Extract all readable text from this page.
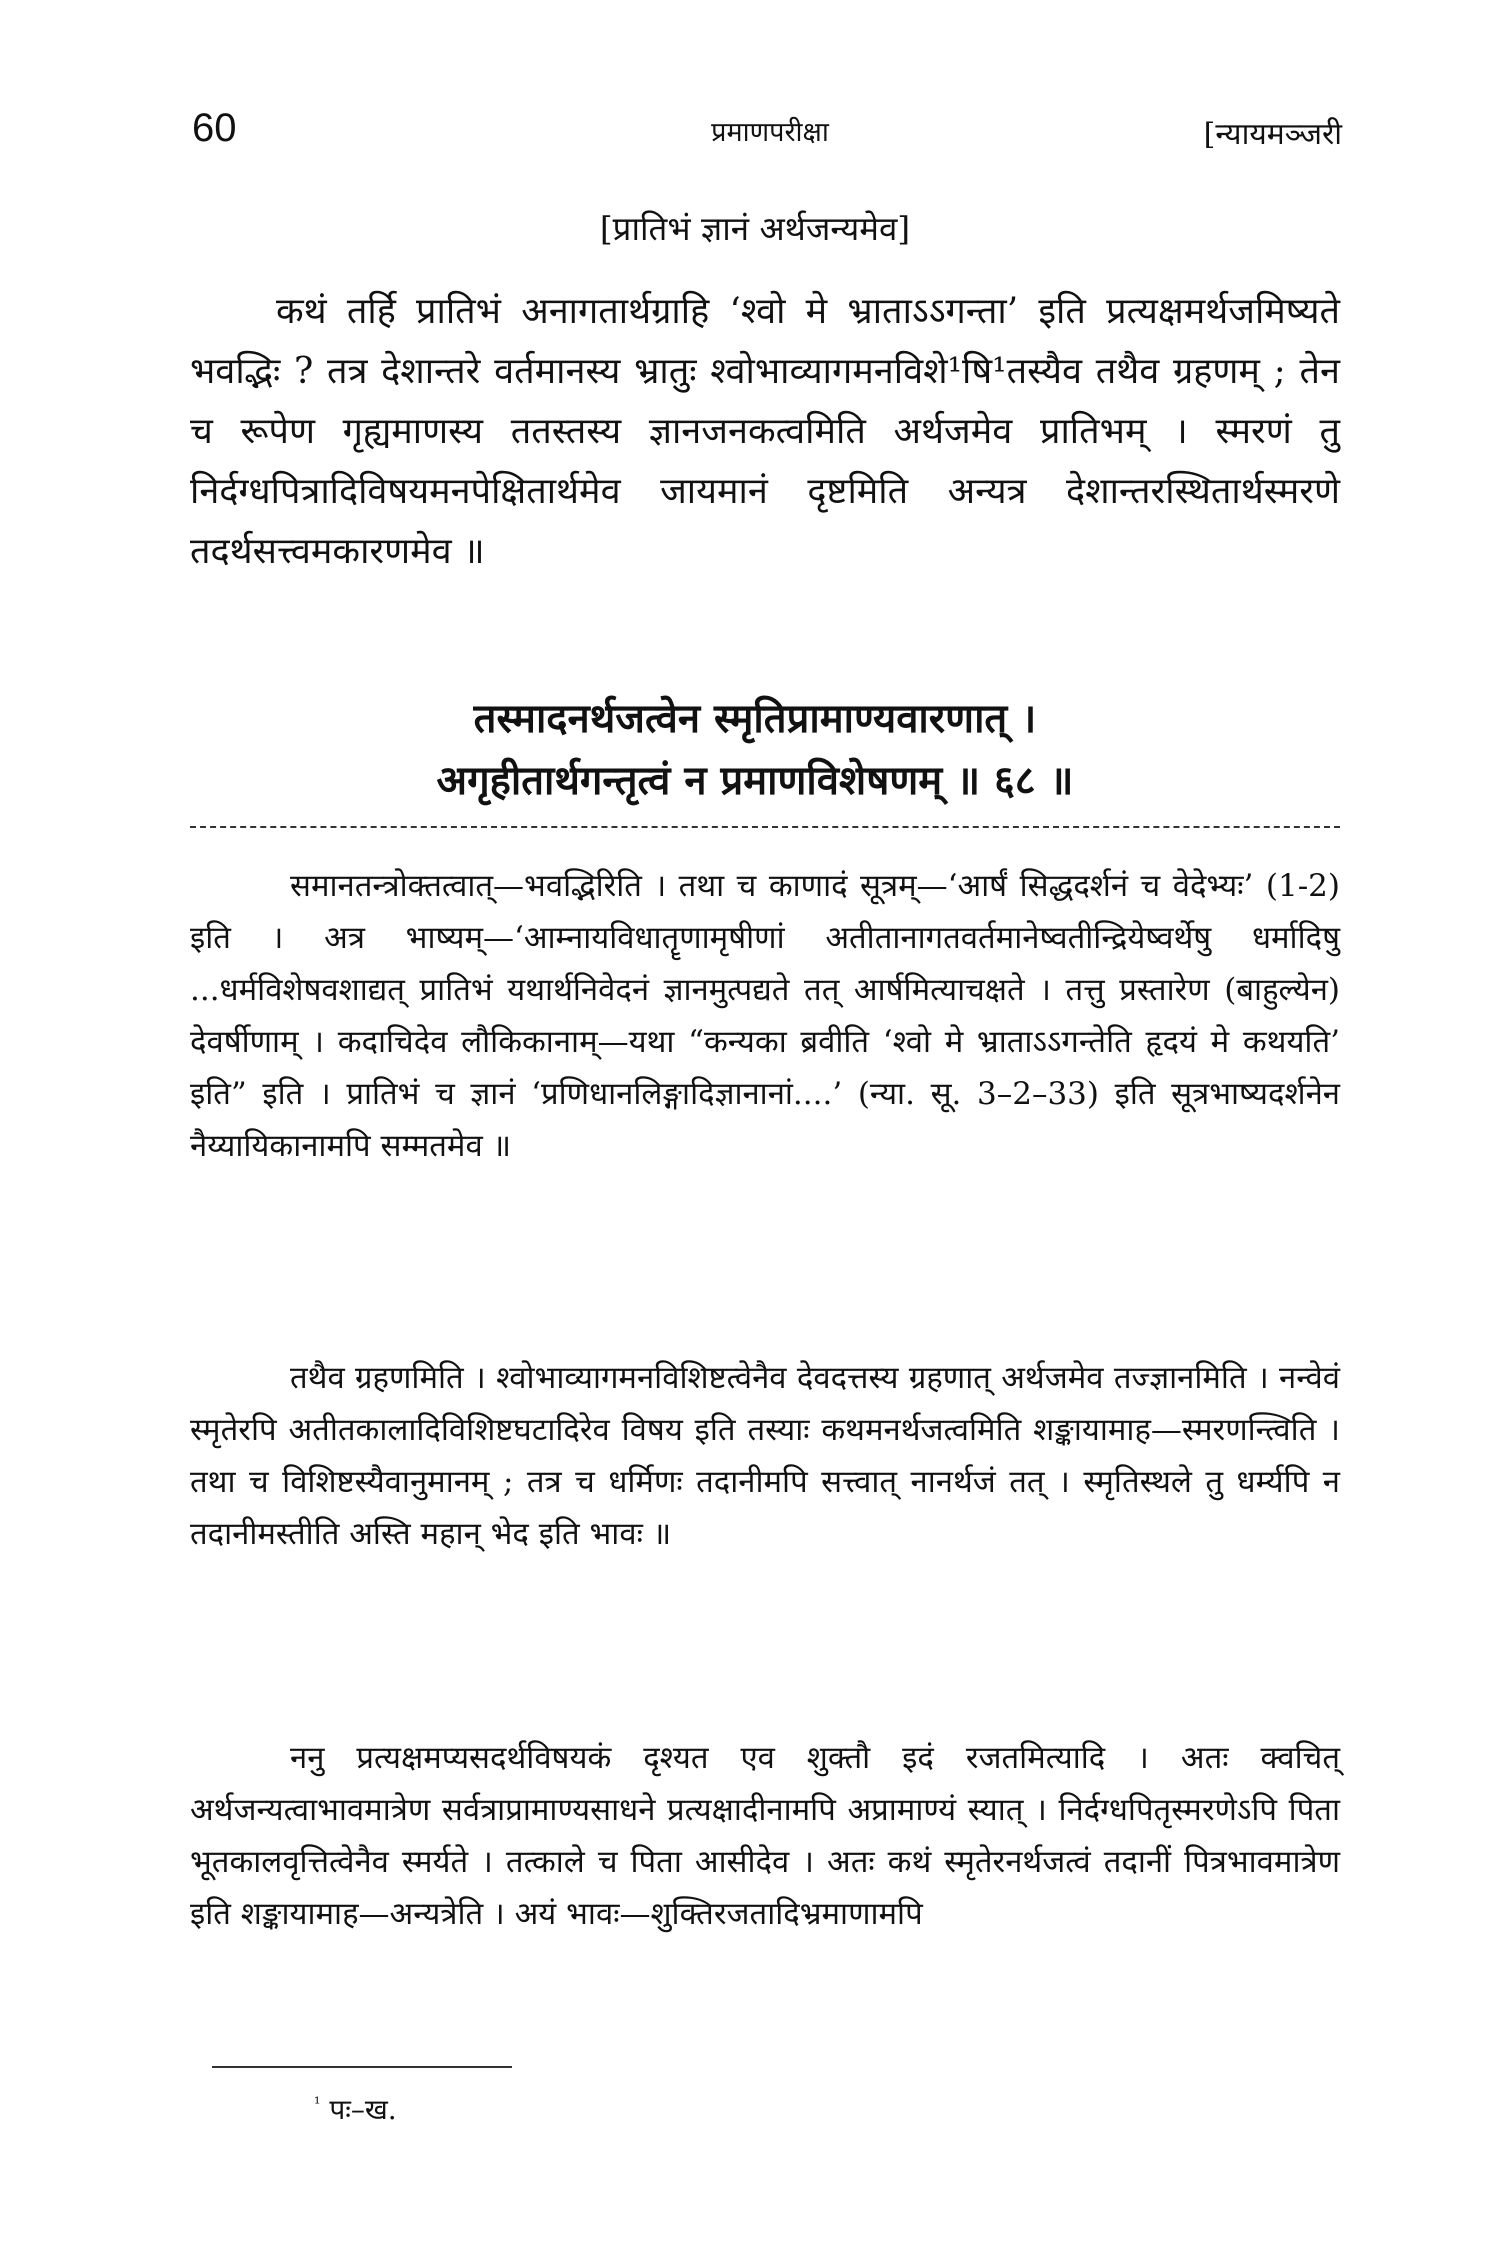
60	प्रमाणपरीक्षा	[न्यायमञ्जरी
[प्रातिभं ज्ञानं अर्थजन्यमेव]

कथं तर्हि प्रातिभं अनागतार्थग्राहि ‘श्वो मे भ्राताऽऽगन्ता’ इति प्रत्यक्षमर्थजमिष्यते भवद्भिः ? तत्र देशान्तरे वर्तमानस्य भ्रातुः श्वोभाव्यागमनविशे¹षि¹तस्यैव तथैव ग्रहणम् ; तेन च रूपेण गृह्यमाणस्य ततस्तस्य ज्ञानजनकत्वमिति अर्थजमेव प्रातिभम् । स्मरणं तु निर्दग्धपित्रादिविषयमनपेक्षितार्थमेव जायमानं दृष्टमिति अन्यत्र देशान्तरस्थितार्थस्मरणे तदर्थसत्त्वमकारणमेव ॥

तस्मादनर्थजत्वेन स्मृतिप्रामाण्यवारणात् ।
अगृहीतार्थगन्तृत्वं न प्रमाणविशेषणम् ॥ ६८ ॥

समानतन्त्रोक्तत्वात्—भवद्भिरिति । तथा च काणादं सूत्रम्—‘आर्षं सिद्धदर्शनं च वेदेभ्यः’ (1-2) इति । अत्र भाष्यम्—‘आम्नायविधातॄणामृषीणां अतीतानागतवर्तमानेष्वतीन्द्रियेष्वर्थेषु धर्मादिषु ...धर्मविशेषवशाद्यत् प्रातिभं यथार्थनिवेदनं ज्ञानमुत्पद्यते तत् आर्षमित्याचक्षते । तत्तु प्रस्तारेण (बाहुल्येन) देवर्षीणाम् । कदाचिदेव लौकिकानाम्—यथा “कन्यका ब्रवीति ‘श्वो मे भ्राताऽऽगन्तेति हृदयं मे कथयति’ इति” इति । प्रातिभं च ज्ञानं ‘प्रणिधानलिङ्गादिज्ञानानां....’ (न्या. सू. 3–2–33) इति सूत्रभाष्यदर्शनेन नैय्यायिकानामपि सम्मतमेव ॥

तथैव ग्रहणमिति । श्वोभाव्यागमनविशिष्टत्वेनैव देवदत्तस्य ग्रहणात् अर्थजमेव तज्ज्ञानमिति । नन्वेवं स्मृतेरपि अतीतकालादिविशिष्टघटादिरेव विषय इति तस्याः कथमनर्थजत्वमिति शङ्कायामाह—स्मरणन्त्विति । तथा च विशिष्टस्यैवानुमानम् ; तत्र च धर्मिणः तदानीमपि सत्त्वात् नानर्थजं तत् । स्मृतिस्थले तु धर्म्यपि न तदानीमस्तीति अस्ति महान् भेद इति भावः ॥

ननु प्रत्यक्षमप्यसदर्थविषयकं दृश्यत एव शुक्तौ इदं रजतमित्यादि । अतः क्वचित् अर्थजन्यत्वाभावमात्रेण सर्वत्राप्रामाण्यसाधने प्रत्यक्षादीनामपि अप्रामाण्यं स्यात् । निर्दग्धपितृस्मरणेऽपि पिता भूतकालवृत्तित्वेनैव स्मर्यते । तत्काले च पिता आसीदेव । अतः कथं स्मृतेरनर्थजत्वं तदानीं पित्रभावमात्रेण इति शङ्कायामाह—अन्यत्रेति । अयं भावः—शुक्तिरजतादिभ्रमाणामपि

$^{^1}$ पः–ख.
